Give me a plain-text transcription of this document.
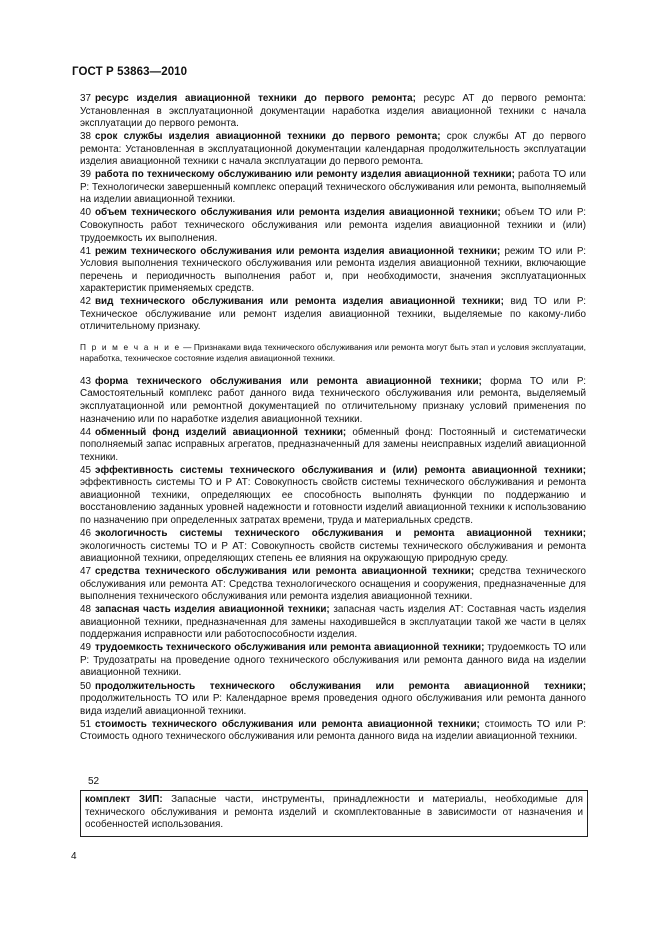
ГОСТ Р 53863—2010

37 ресурс изделия авиационной техники до первого ремонта; ресурс АТ до первого ремонта: Установленная в эксплуатационной документации наработка изделия авиационной техники с начала эксплуатации до первого ремонта.

38 срок службы изделия авиационной техники до первого ремонта; срок службы АТ до первого ремонта: Установленная в эксплуатационной документации календарная продолжительность эксплуатации изделия авиационной техники с начала эксплуатации до первого ремонта.

39 работа по техническому обслуживанию или ремонту изделия авиационной техники; работа ТО или Р: Технологически завершенный комплекс операций технического обслуживания или ремонта, выполняемый на изделии авиационной техники.

40 объем технического обслуживания или ремонта изделия авиационной техники; объем ТО или Р: Совокупность работ технического обслуживания или ремонта изделия авиационной техники и (или) трудоемкость их выполнения.

41 режим технического обслуживания или ремонта изделия авиационной техники; режим ТО или Р: Условия выполнения технического обслуживания или ремонта изделия авиационной техники, включающие перечень и периодичность выполнения работ и, при необходимости, значения эксплуатационных характеристик применяемых средств.

42 вид технического обслуживания или ремонта изделия авиационной техники; вид ТО или Р: Техническое обслуживание или ремонт изделия авиационной техники, выделяемые по какому-либо отличительному признаку.

П р и м е ч а н и е — Признаками вида технического обслуживания или ремонта могут быть этап и условия эксплуатации, наработка, техническое состояние изделия авиационной техники.

43 форма технического обслуживания или ремонта авиационной техники; форма ТО или Р: Самостоятельный комплекс работ данного вида технического обслуживания или ремонта, выделяемый эксплуатационной или ремонтной документацией по отличительному признаку условий применения по назначению или по наработке изделия авиационной техники.

44 обменный фонд изделий авиационной техники; обменный фонд: Постоянный и систематически пополняемый запас исправных агрегатов, предназначенный для замены неисправных изделий авиационной техники.

45 эффективность системы технического обслуживания и (или) ремонта авиационной техники; эффективность системы ТО и Р АТ: Совокупность свойств системы технического обслуживания и ремонта авиационной техники, определяющих ее способность выполнять функции по поддержанию и восстановлению заданных уровней надежности и готовности изделий авиационной техники к использованию по назначению при определенных затратах времени, труда и материальных средств.

46 экологичность системы технического обслуживания и ремонта авиационной техники; экологичность системы ТО и Р АТ: Совокупность свойств системы технического обслуживания и ремонта авиационной техники, определяющих степень ее влияния на окружающую природную среду.

47 средства технического обслуживания или ремонта авиационной техники; средства технического обслуживания или ремонта АТ: Средства технологического оснащения и сооружения, предназначенные для выполнения технического обслуживания или ремонта изделия авиационной техники.

48 запасная часть изделия авиационной техники; запасная часть изделия АТ: Составная часть изделия авиационной техники, предназначенная для замены находившейся в эксплуатации такой же части в целях поддержания исправности или работоспособности изделия.

49 трудоемкость технического обслуживания или ремонта авиационной техники; трудоемкость ТО или Р: Трудозатраты на проведение одного технического обслуживания или ремонта данного вида на изделии авиационной техники.

50 продолжительность технического обслуживания или ремонта авиационной техники; продолжительность ТО или Р: Календарное время проведения одного обслуживания или ремонта данного вида изделий авиационной техники.

51 стоимость технического обслуживания или ремонта авиационной техники; стоимость ТО или Р: Стоимость одного технического обслуживания или ремонта данного вида на изделии авиационной техники.

52
комплект ЗИП: Запасные части, инструменты, принадлежности и материалы, необходимые для технического обслуживания и ремонта изделий и скомплектованные в зависимости от назначения и особенностей использования.
4
